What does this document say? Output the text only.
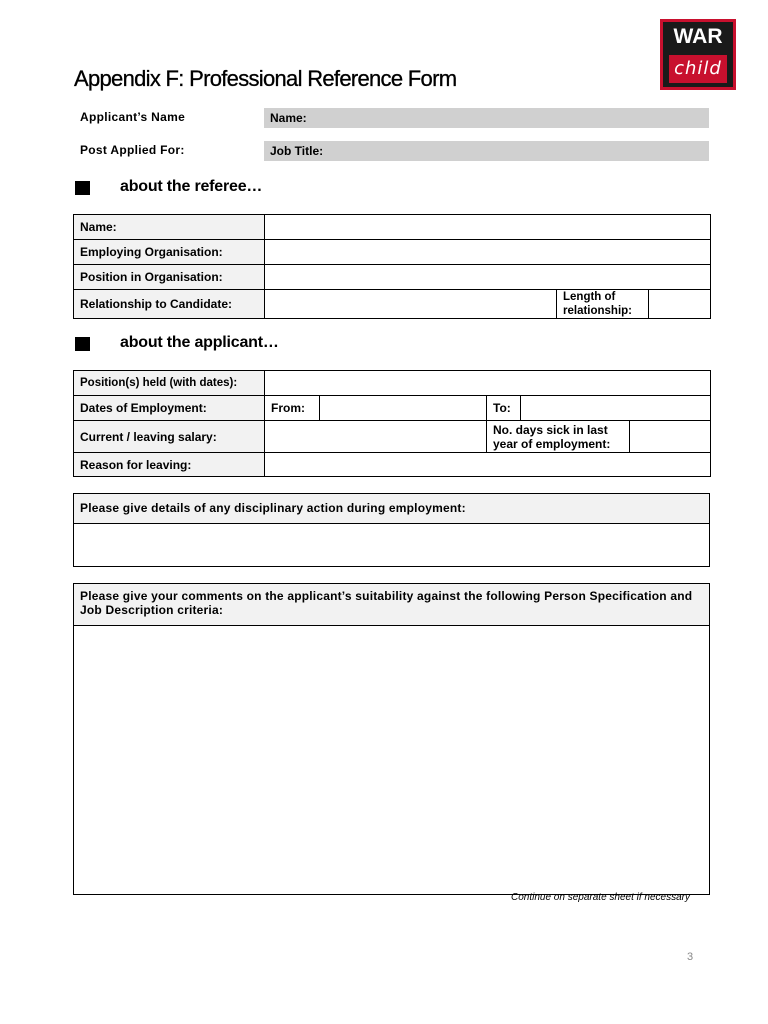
WAR
child
Appendix F: Professional Reference Form
Applicant’s Name	Name:
Post Applied For:	Job Title:
about the referee…
Name:			
Employing Organisation:			
Position in Organisation:			
Relationship to Candidate:		Length of relationship:	
about the applicant…
Position(s) held (with dates):					
Dates of Employment:	From:		To:		
Current / leaving salary:			No. days sick in last year of employment:		
Reason for leaving:					
Please give details of any disciplinary action during employment:
Please give your comments on the applicant’s suitability against the following Person Specification and Job Description criteria:
Continue on separate sheet if necessary
3
